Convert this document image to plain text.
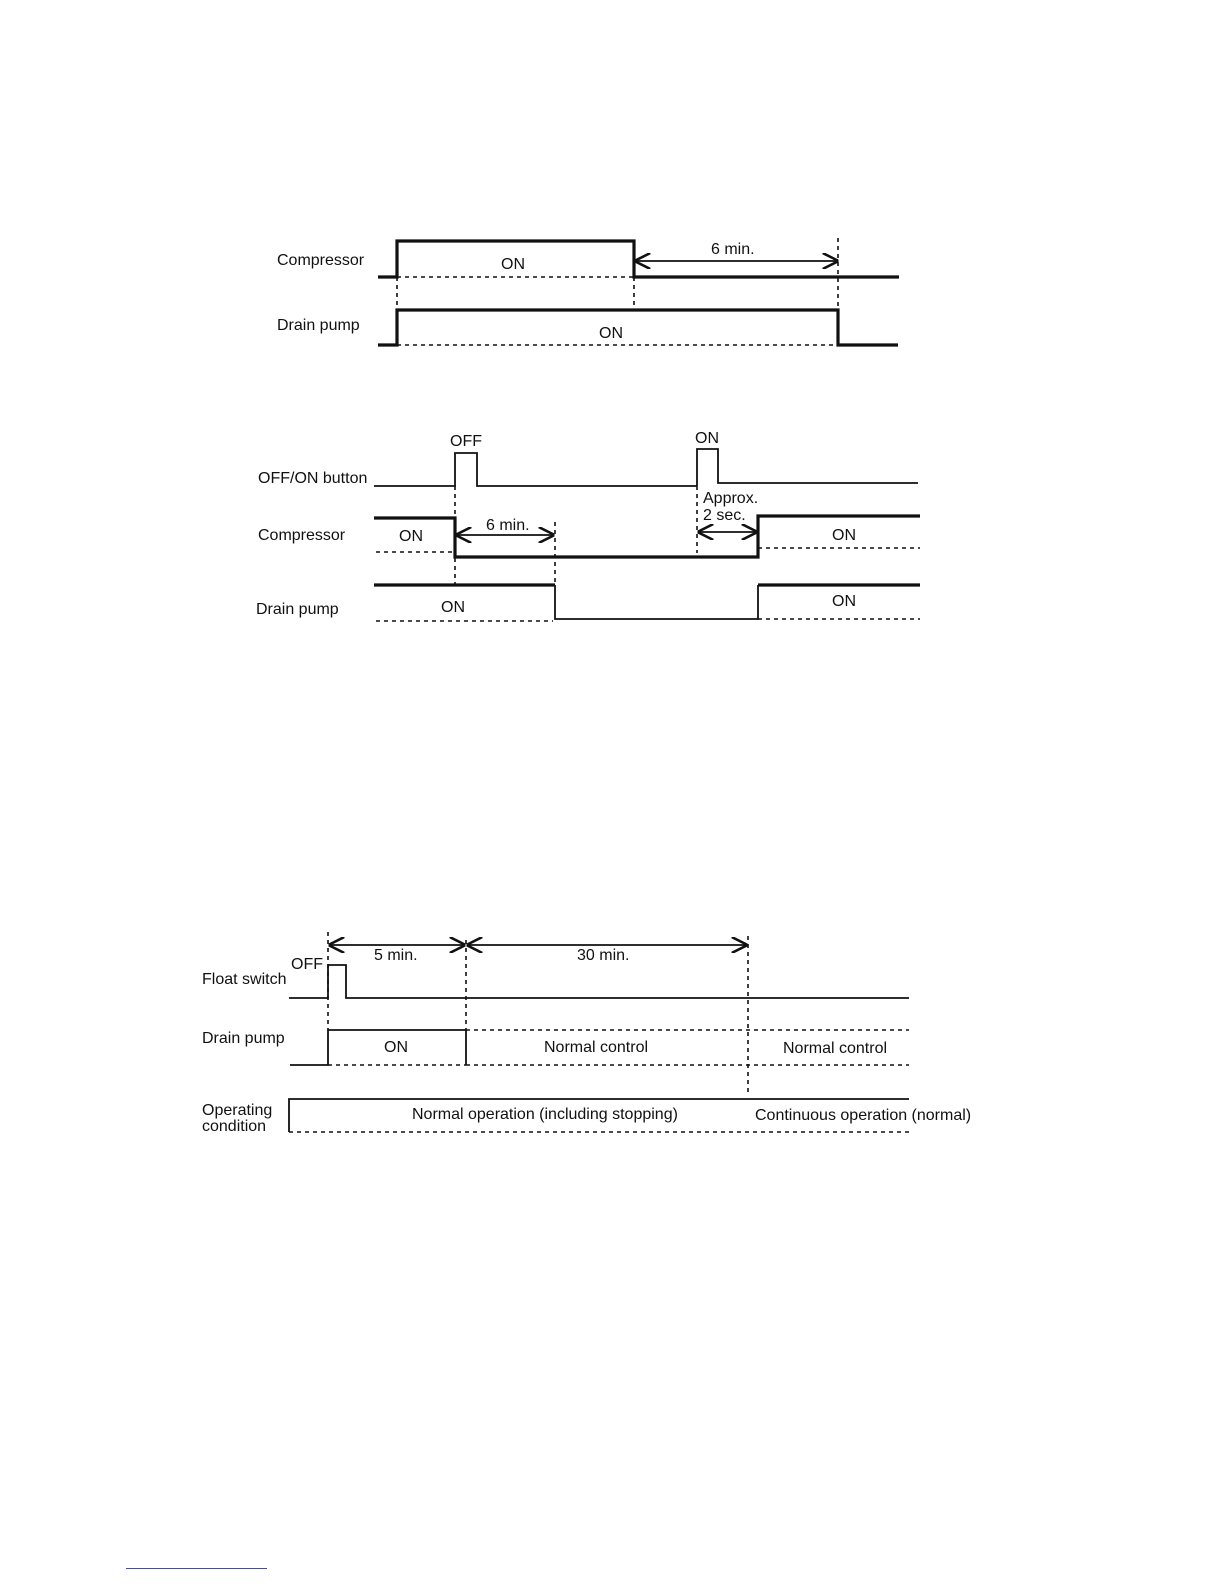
Compressor
Drain pump
ON
6 min.
ON
OFF/ON button
Compressor
Drain pump
OFF	ON
ON	ON
6 min.
Approx.
2 sec.
ON	ON
Float switch
OFF
Drain pump
Operating
condition
5 min.	30 min.
ON	Normal control	Normal control
Normal operation (including stopping)	Continuous operation (normal)
